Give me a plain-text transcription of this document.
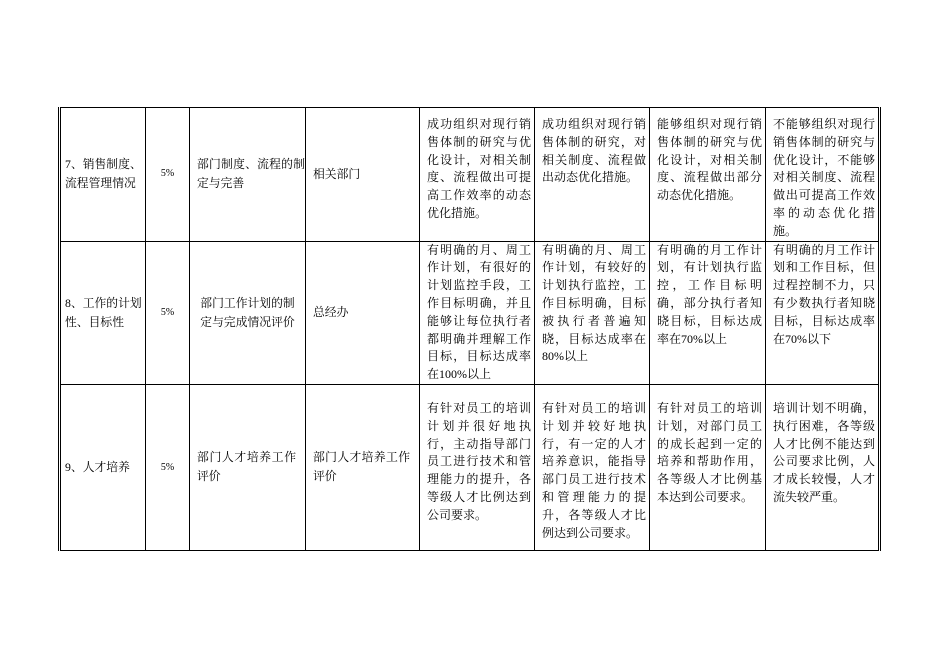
7、销售制度、流程管理情况	5%	部门制度、流程的制定与完善	相关部门	成功组织对现行销售体制的研究与优化设计，对相关制度、流程做出可提高工作效率的动态优化措施。	成功组织对现行销售体制的研究，对相关制度、流程做出动态优化措施。	能够组织对现行销售体制的研究与优化设计，对相关制度、流程做出部分动态优化措施。	不能够组织对现行销售体制的研究与优化设计，不能够对相关制度、流程做出可提高工作效率的动态优化措施。
8、工作的计划性、目标性	5%	部门工作计划的制定与完成情况评价	总经办	有明确的月、周工作计划，有很好的计划监控手段，工作目标明确，并且能够让每位执行者都明确并理解工作目标，目标达成率在100%以上	有明确的月、周工作计划，有较好的计划执行监控，工作目标明确，目标被执行者普遍知晓，目标达成率在 80%以上	有明确的月工作计划，有计划执行监控，工作目标明确，部分执行者知晓目标，目标达成率在70%以上	有明确的月工作计划和工作目标，但过程控制不力，只有少数执行者知晓目标，目标达成率在70%以下
9、人才培养	5%	部门人才培养工作评价	部门人才培养工作评价	有针对员工的培训计划并很好地执行，主动指导部门员工进行技术和管理能力的提升，各等级人才比例达到公司要求。	有针对员工的培训计划并较好地执行，有一定的人才培养意识，能指导部门员工进行技术和管理能力的提升，各等级人才比例达到公司要求。	有针对员工的培训计划，对部门员工的成长起到一定的培养和帮助作用，各等级人才比例基本达到公司要求。	培训计划不明确，执行困难，各等级人才比例不能达到公司要求比例，人才成长较慢，人才流失较严重。
